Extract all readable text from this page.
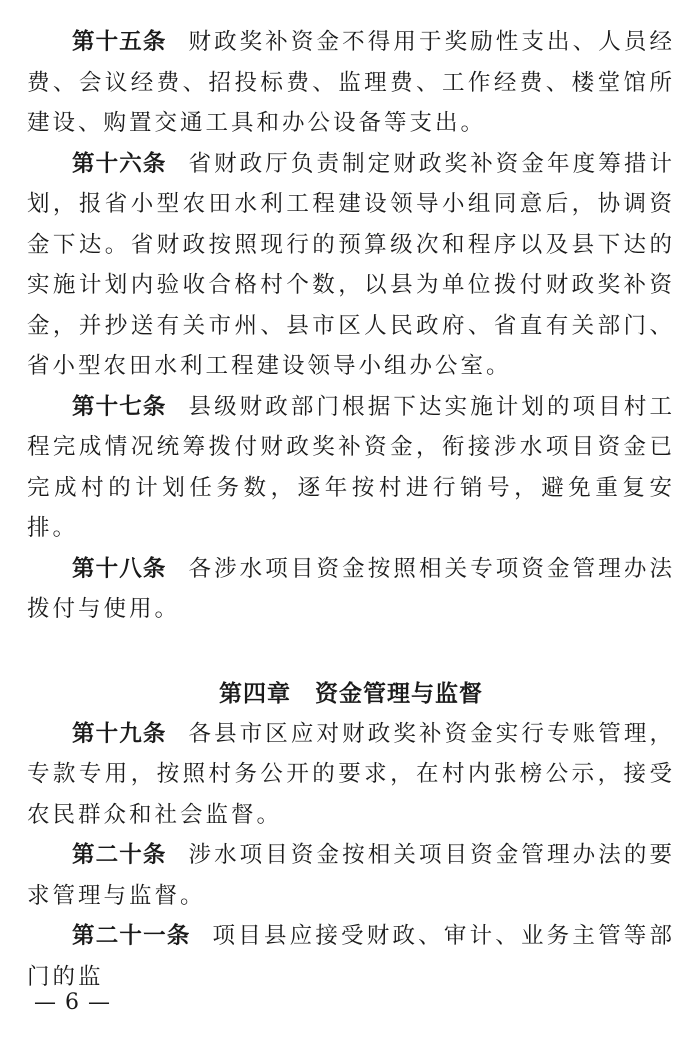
第十五条 财政奖补资金不得用于奖励性支出、人员经费、会议经费、招投标费、监理费、工作经费、楼堂馆所建设、购置交通工具和办公设备等支出。

第十六条 省财政厅负责制定财政奖补资金年度筹措计划，报省小型农田水利工程建设领导小组同意后，协调资金下达。省财政按照现行的预算级次和程序以及县下达的实施计划内验收合格村个数，以县为单位拨付财政奖补资金，并抄送有关市州、县市区人民政府、省直有关部门、省小型农田水利工程建设领导小组办公室。

第十七条 县级财政部门根据下达实施计划的项目村工程完成情况统筹拨付财政奖补资金，衔接涉水项目资金已完成村的计划任务数，逐年按村进行销号，避免重复安排。

第十八条 各涉水项目资金按照相关专项资金管理办法拨付与使用。

第四章 资金管理与监督

第十九条 各县市区应对财政奖补资金实行专账管理，专款专用，按照村务公开的要求，在村内张榜公示，接受农民群众和社会监督。

第二十条 涉水项目资金按相关项目资金管理办法的要求管理与监督。

第二十一条 项目县应接受财政、审计、业务主管等部门的监

— 6 —
